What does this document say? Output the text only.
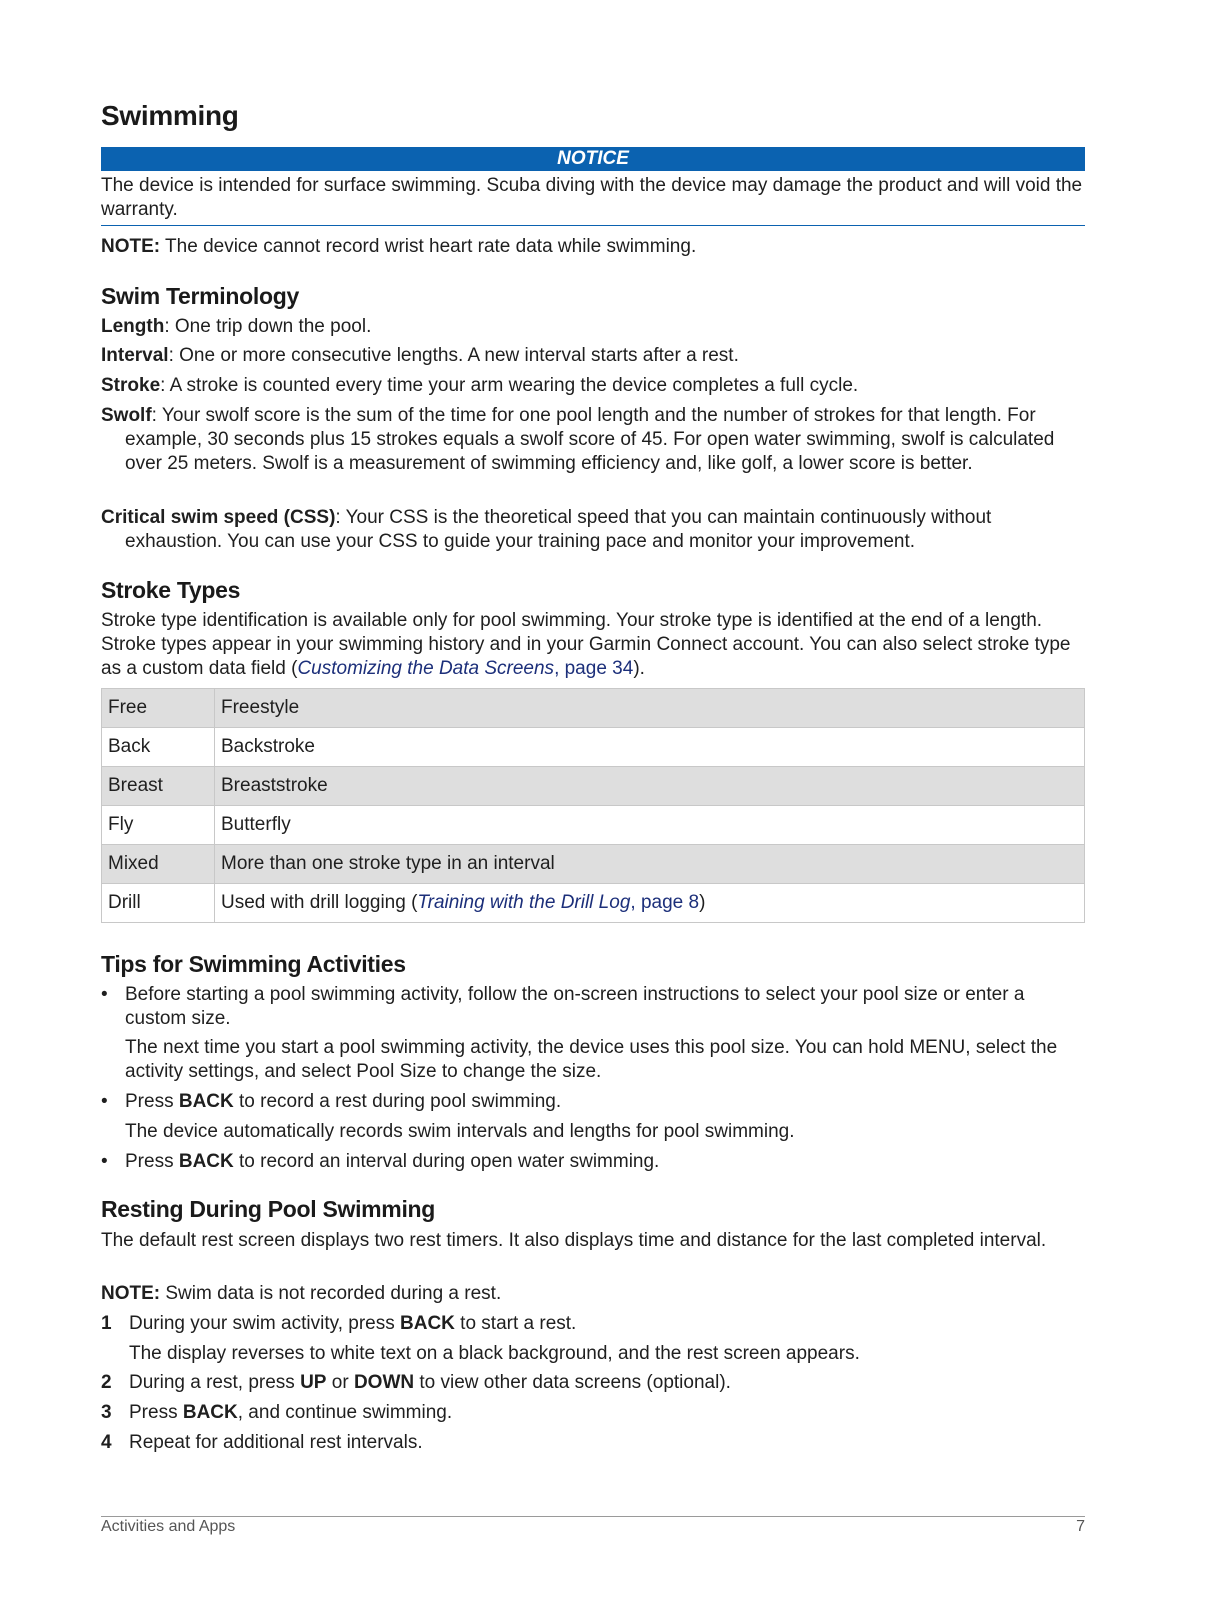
Swimming
NOTICE
The device is intended for surface swimming. Scuba diving with the device may damage the product and will void the warranty.
NOTE: The device cannot record wrist heart rate data while swimming.
Swim Terminology
Length: One trip down the pool.
Interval: One or more consecutive lengths. A new interval starts after a rest.
Stroke: A stroke is counted every time your arm wearing the device completes a full cycle.
Swolf: Your swolf score is the sum of the time for one pool length and the number of strokes for that length. For example, 30 seconds plus 15 strokes equals a swolf score of 45. For open water swimming, swolf is calculated over 25 meters. Swolf is a measurement of swimming efficiency and, like golf, a lower score is better.
Critical swim speed (CSS): Your CSS is the theoretical speed that you can maintain continuously without exhaustion. You can use your CSS to guide your training pace and monitor your improvement.
Stroke Types
Stroke type identification is available only for pool swimming. Your stroke type is identified at the end of a length. Stroke types appear in your swimming history and in your Garmin Connect account. You can also select stroke type as a custom data field (Customizing the Data Screens, page 34).
Free	Freestyle
Back	Backstroke
Breast	Breaststroke
Fly	Butterfly
Mixed	More than one stroke type in an interval
Drill	Used with drill logging (Training with the Drill Log, page 8)
Tips for Swimming Activities
• Before starting a pool swimming activity, follow the on-screen instructions to select your pool size or enter a custom size.
The next time you start a pool swimming activity, the device uses this pool size. You can hold MENU, select the activity settings, and select Pool Size to change the size.
• Press BACK to record a rest during pool swimming.
The device automatically records swim intervals and lengths for pool swimming.
• Press BACK to record an interval during open water swimming.
Resting During Pool Swimming
The default rest screen displays two rest timers. It also displays time and distance for the last completed interval.
NOTE: Swim data is not recorded during a rest.
1 During your swim activity, press BACK to start a rest.
The display reverses to white text on a black background, and the rest screen appears.
2 During a rest, press UP or DOWN to view other data screens (optional).
3 Press BACK, and continue swimming.
4 Repeat for additional rest intervals.
Activities and Apps	7
